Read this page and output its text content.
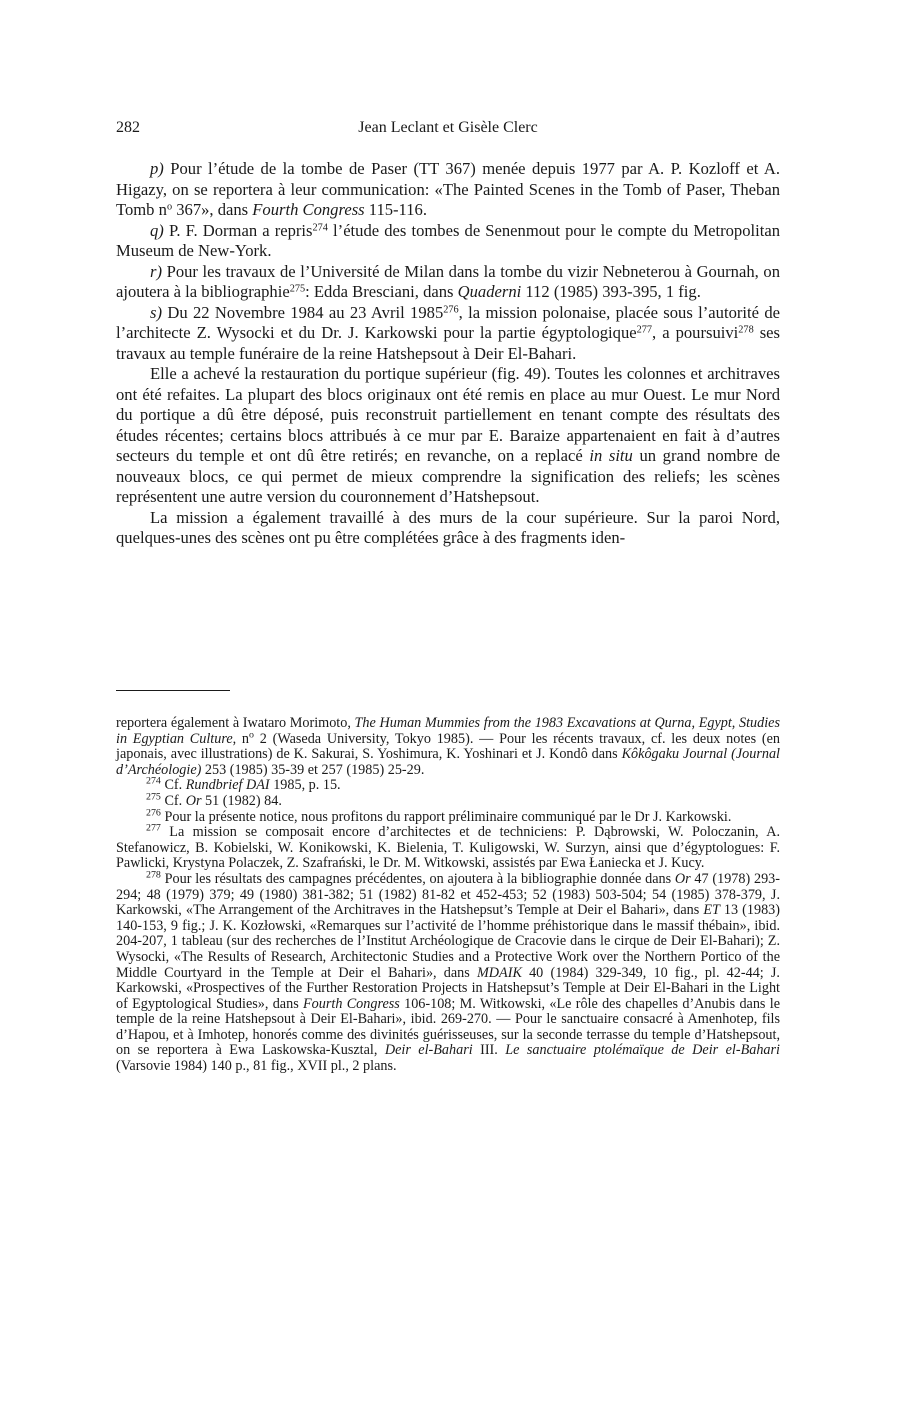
282	Jean Leclant et Gisèle Clerc

p) Pour l’étude de la tombe de Paser (TT 367) menée depuis 1977 par A. P. Kozloff et A. Higazy, on se reportera à leur communication: «The Painted Scenes in the Tomb of Paser, Theban Tomb $n^o$ 367», dans Fourth Congress 115-116.

q) P. F. Dorman a repris$^{274}$ l’étude des tombes de Senenmout pour le compte du Metropolitan Museum de New-York.

r) Pour les travaux de l’Université de Milan dans la tombe du vizir Nebneterou à Gournah, on ajoutera à la bibliographie$^{275}$: Edda Bresciani, dans Quaderni 112 (1985) 393-395, 1 fig.

s) Du 22 Novembre 1984 au 23 Avril 1985$^{276}$, la mission polonaise, placée sous l’autorité de l’architecte Z. Wysocki et du Dr. J. Karkowski pour la partie égyptologique$^{277}$, a poursuivi$^{278}$ ses travaux au temple funéraire de la reine Hatshepsout à Deir El-Bahari.

Elle a achevé la restauration du portique supérieur (fig. 49). Toutes les colonnes et architraves ont été refaites. La plupart des blocs originaux ont été remis en place au mur Ouest. Le mur Nord du portique a dû être déposé, puis reconstruit partiellement en tenant compte des résultats des études récentes; certains blocs attribués à ce mur par E. Baraize appartenaient en fait à d’autres secteurs du temple et ont dû être retirés; en revanche, on a replacé in situ un grand nombre de nouveaux blocs, ce qui permet de mieux comprendre la signification des reliefs; les scènes représentent une autre version du couronnement d’Hatshepsout.

La mission a également travaillé à des murs de la cour supérieure. Sur la paroi Nord, quelques-unes des scènes ont pu être complétées grâce à des fragments iden-

reportera également à Iwataro Morimoto, The Human Mummies from the 1983 Excavations at Qurna, Egypt, Studies in Egyptian Culture, $n^o$ 2 (Waseda University, Tokyo 1985). — Pour les récents travaux, cf. les deux notes (en japonais, avec illustrations) de K. Sakurai, S. Yoshimura, K. Yoshinari et J. Kondô dans Kôkôgaku Journal (Journal d’Archéologie) 253 (1985) 35-39 et 257 (1985) 25-29.

$^{274}$ Cf. Rundbrief DAI 1985, p. 15.

$^{275}$ Cf. Or 51 (1982) 84.

$^{276}$ Pour la présente notice, nous profitons du rapport préliminaire communiqué par le Dr J. Karkowski.

$^{277}$ La mission se composait encore d’architectes et de techniciens: P. Dąbrowski, W. Poloczanin, A. Stefanowicz, B. Kobielski, W. Konikowski, K. Bielenia, T. Kuligowski, W. Surzyn, ainsi que d’égyptologues: F. Pawlicki, Krystyna Polaczek, Z. Szafrański, le Dr. M. Witkowski, assistés par Ewa Łaniecka et J. Kucy.

$^{278}$ Pour les résultats des campagnes précédentes, on ajoutera à la bibliographie donnée dans Or 47 (1978) 293-294; 48 (1979) 379; 49 (1980) 381-382; 51 (1982) 81-82 et 452-453; 52 (1983) 503-504; 54 (1985) 378-379, J. Karkowski, «The Arrangement of the Architraves in the Hatshepsut’s Temple at Deir el Bahari», dans ET 13 (1983) 140-153, 9 fig.; J. K. Kozłowski, «Remarques sur l’activité de l’homme préhistorique dans le massif thébain», ibid. 204-207, 1 tableau (sur des recherches de l’Institut Archéologique de Cracovie dans le cirque de Deir El-Bahari); Z. Wysocki, «The Results of Research, Architectonic Studies and a Protective Work over the Northern Portico of the Middle Courtyard in the Temple at Deir el Bahari», dans MDAIK 40 (1984) 329-349, 10 fig., pl. 42-44; J. Karkowski, «Prospectives of the Further Restoration Projects in Hatshepsut’s Temple at Deir El-Bahari in the Light of Egyptological Studies», dans Fourth Congress 106-108; M. Witkowski, «Le rôle des chapelles d’Anubis dans le temple de la reine Hatshepsout à Deir El-Bahari», ibid. 269-270. — Pour le sanctuaire consacré à Amenhotep, fils d’Hapou, et à Imhotep, honorés comme des divinités guérisseuses, sur la seconde terrasse du temple d’Hatshepsout, on se reportera à Ewa Laskowska-Kusztal, Deir el-Bahari III. Le sanctuaire ptolémaïque de Deir el-Bahari (Varsovie 1984) 140 p., 81 fig., XVII pl., 2 plans.
